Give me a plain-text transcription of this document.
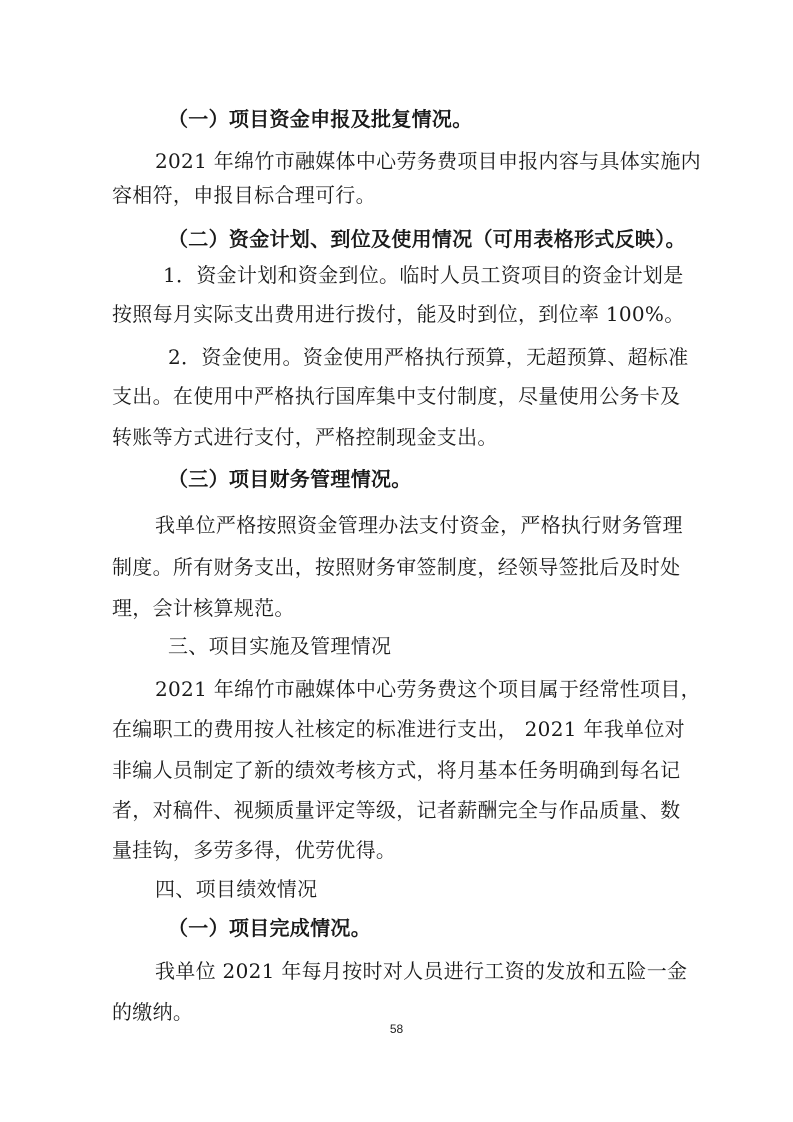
（一）项目资金申报及批复情况。
2021 年绵竹市融媒体中心劳务费项目申报内容与具体实施内
容相符，申报目标合理可行。
（二）资金计划、到位及使用情况（可用表格形式反映）。
1．资金计划和资金到位。临时人员工资项目的资金计划是
按照每月实际支出费用进行拨付，能及时到位，到位率 100%。
2．资金使用。资金使用严格执行预算，无超预算、超标准
支出。在使用中严格执行国库集中支付制度，尽量使用公务卡及
转账等方式进行支付，严格控制现金支出。
（三）项目财务管理情况。
我单位严格按照资金管理办法支付资金，严格执行财务管理
制度。所有财务支出，按照财务审签制度，经领导签批后及时处
理，会计核算规范。
三、项目实施及管理情况
2021 年绵竹市融媒体中心劳务费这个项目属于经常性项目，
在编职工的费用按人社核定的标准进行支出， 2021 年我单位对
非编人员制定了新的绩效考核方式，将月基本任务明确到每名记
者，对稿件、视频质量评定等级，记者薪酬完全与作品质量、数
量挂钩，多劳多得，优劳优得。
四、项目绩效情况
（一）项目完成情况。
我单位 2021 年每月按时对人员进行工资的发放和五险一金
的缴纳。
58
